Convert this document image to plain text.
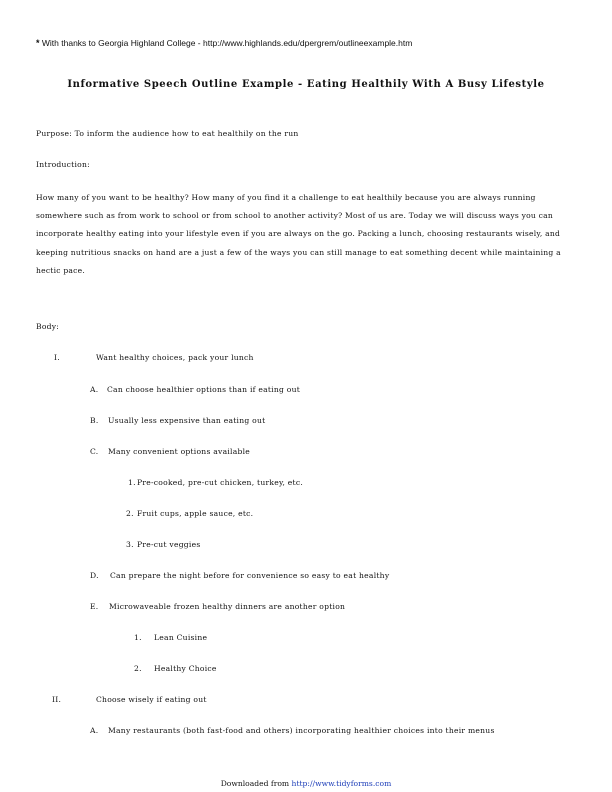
* With thanks to Georgia Highland College - http://www.highlands.edu/dpergrem/outlineexample.htm
Informative Speech Outline Example - Eating Healthily With A Busy Lifestyle
Purpose: To inform the audience how to eat healthily on the run
Introduction:
How many of you want to be healthy? How many of you find it a challenge to eat healthily because you are always running somewhere such as from work to school or from school to another activity? Most of us are. Today we will discuss ways you can incorporate healthy eating into your lifestyle even if you are always on the go. Packing a lunch, choosing restaurants wisely, and keeping nutritious snacks on hand are a just a few of the ways you can still manage to eat something decent while maintaining a hectic pace.
Body:
I.	Want healthy choices, pack your lunch
A. Can choose healthier options than if eating out
B. Usually less expensive than eating out
C. Many convenient options available
1. Pre-cooked, pre-cut chicken, turkey, etc.
2. Fruit cups, apple sauce, etc.
3. Pre-cut veggies
D. Can prepare the night before for convenience so easy to eat healthy
E. Microwaveable frozen healthy dinners are another option
1. Lean Cuisine
2. Healthy Choice
II.	Choose wisely if eating out
A. Many restaurants (both fast-food and others) incorporating healthier choices into their menus
Downloaded from http://www.tidyforms.com
